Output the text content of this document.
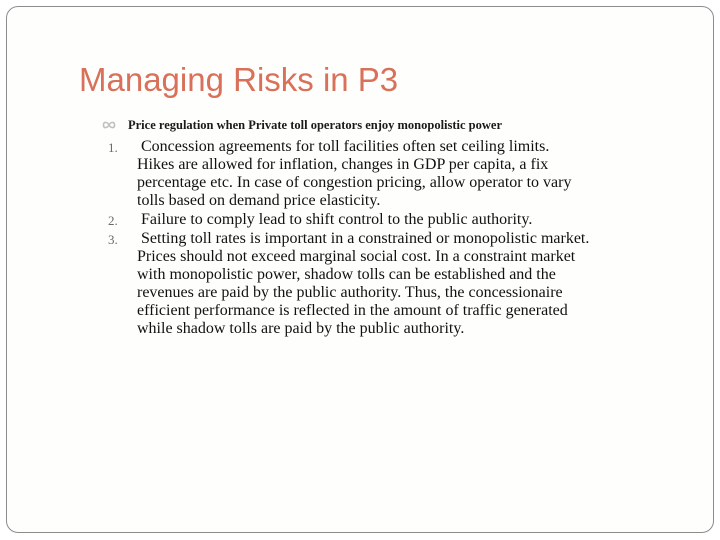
Managing Risks in P3
Price regulation when Private toll operators enjoy monopolistic power
1. Concession agreements for toll facilities often set ceiling limits.
Hikes are allowed for inflation, changes in GDP per capita, a fix
percentage etc. In case of congestion pricing, allow operator to vary
tolls based on demand price elasticity.
2. Failure to comply lead to shift control to the public authority.
3. Setting toll rates is important in a constrained or monopolistic market.
Prices should not exceed marginal social cost. In a constraint market
with monopolistic power, shadow tolls can be established and the
revenues are paid by the public authority. Thus, the concessionaire
efficient performance is reflected in the amount of traffic generated
while shadow tolls are paid by the public authority.
